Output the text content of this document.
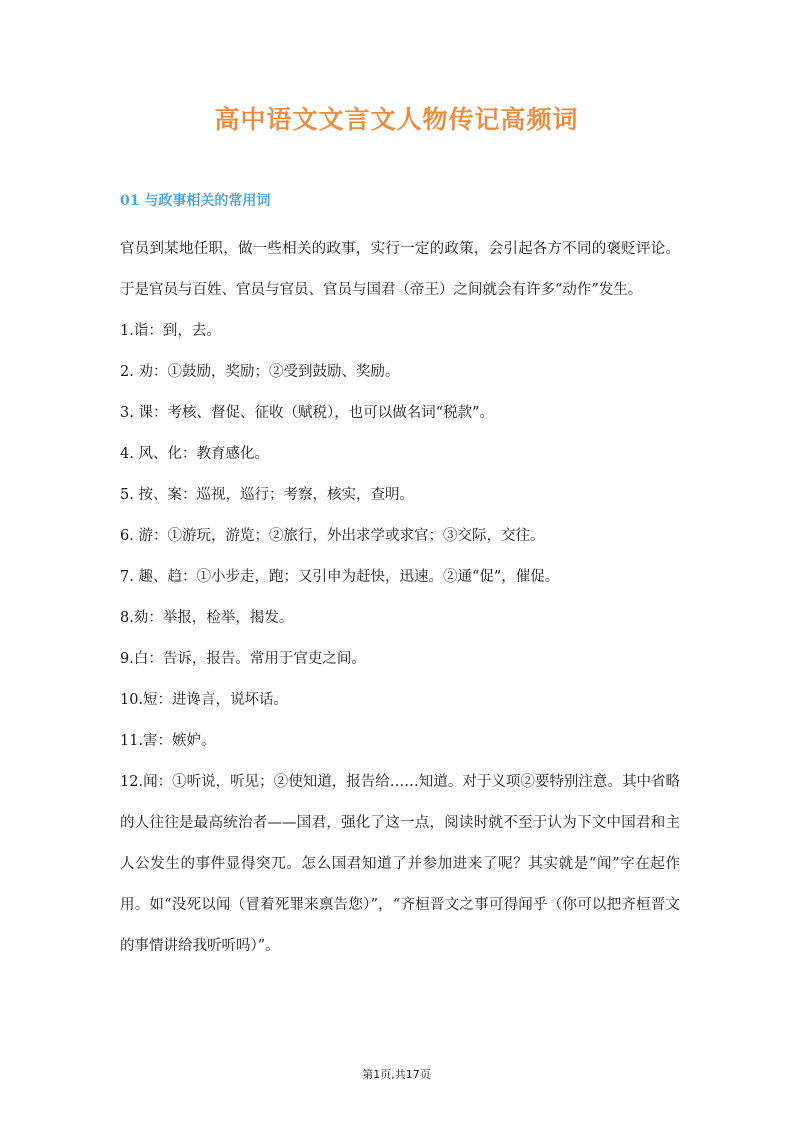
高中语文文言文人物传记高频词
01 与政事相关的常用词

官员到某地任职，做一些相关的政事，实行一定的政策，会引起各方不同的褒贬评论。于是官员与百姓、官员与官员、官员与国君（帝王）之间就会有许多“动作”发生。

1.诣：到，去。

2. 劝：①鼓励，奖励；②受到鼓励、奖励。

3. 课：考核、督促、征收（赋税），也可以做名词“税款”。

4. 风、化：教育感化。

5. 按、案：巡视，巡行；考察，核实，查明。

6. 游：①游玩，游览；②旅行，外出求学或求官；③交际，交往。

7. 趣、趋：①小步走，跑；又引申为赶快，迅速。②通“促”，催促。

8.劾：举报，检举，揭发。

9.白：告诉，报告。常用于官吏之间。

10.短：进谗言，说坏话。

11.害：嫉妒。

12.闻：①听说，听见；②使知道，报告给……知道。对于义项②要特别注意。其中省略的人往往是最高统治者——国君，强化了这一点，阅读时就不至于认为下文中国君和主人公发生的事件显得突兀。怎么国君知道了并参加进来了呢？其实就是“闻”字在起作用。如“没死以闻（冒着死罪来禀告您）”，“齐桓晋文之事可得闻乎（你可以把齐桓晋文的事情讲给我听听吗）”。

第1页,共17页
